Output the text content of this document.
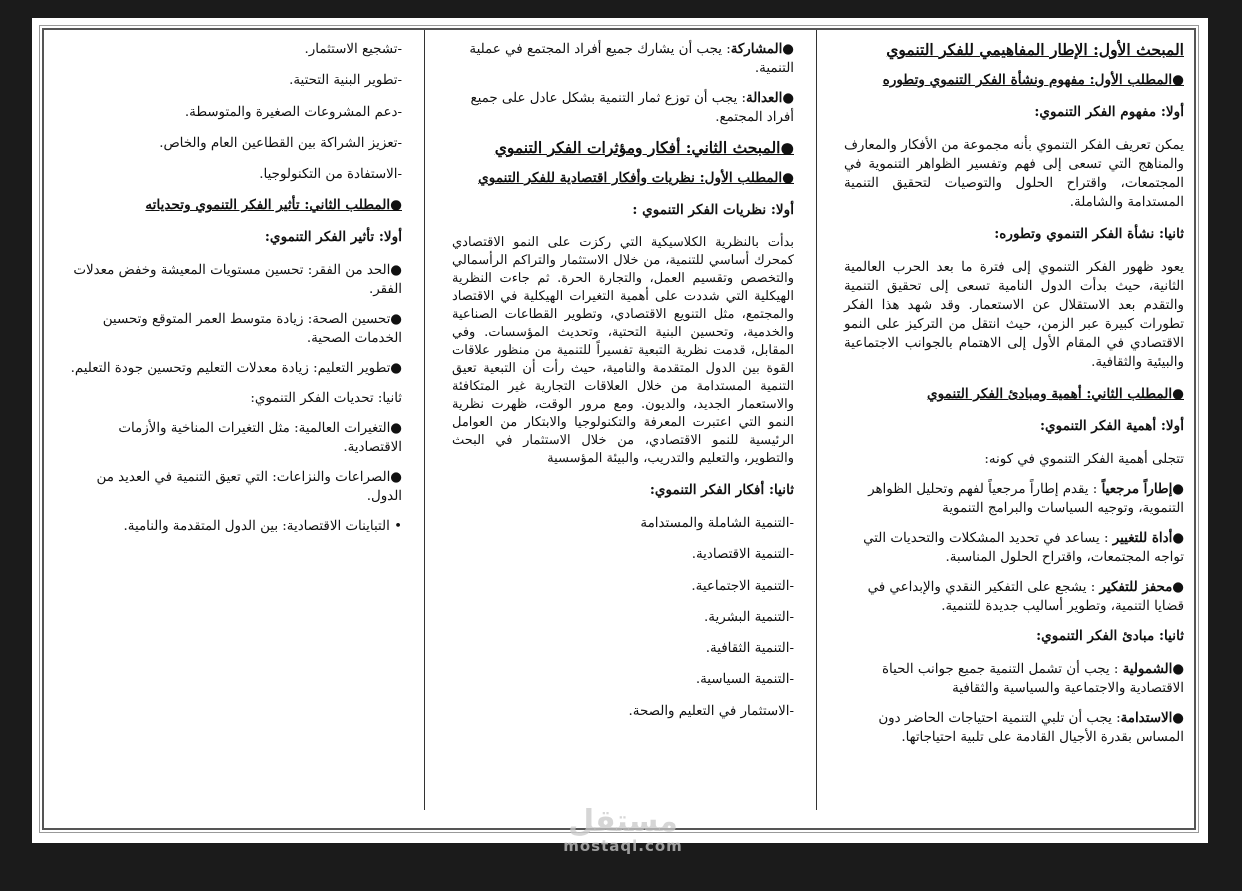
المبحث الأول: الإطار المفاهيمي للفكر التنموي

●المطلب الأول: مفهوم ونشأة الفكر التنموي وتطوره

أولا: مفهوم الفكر التنموي:

يمكن تعريف الفكر التنموي بأنه مجموعة من الأفكار والمعارف والمناهج التي تسعى إلى فهم وتفسير الظواهر التنموية في المجتمعات، واقتراح الحلول والتوصيات لتحقيق التنمية المستدامة والشاملة.

ثانيا: نشأة الفكر التنموي وتطوره:

يعود ظهور الفكر التنموي إلى فترة ما بعد الحرب العالمية الثانية، حيث بدأت الدول النامية تسعى إلى تحقيق التنمية والتقدم بعد الاستقلال عن الاستعمار. وقد شهد هذا الفكر تطورات كبيرة عبر الزمن، حيث انتقل من التركيز على النمو الاقتصادي في المقام الأول إلى الاهتمام بالجوانب الاجتماعية والبيئية والثقافية.

●المطلب الثاني: أهمية ومبادئ الفكر التنموي

أولا: أهمية الفكر التنموي:

تتجلى أهمية الفكر التنموي في كونه:

●إطاراً مرجعياً : يقدم إطاراً مرجعياً لفهم وتحليل الظواهر التنموية، وتوجيه السياسات والبرامج التنموية

●أداة للتغيير : يساعد في تحديد المشكلات والتحديات التي تواجه المجتمعات، واقتراح الحلول المناسبة.

●محفز للتفكير : يشجع على التفكير النقدي والإبداعي في قضايا التنمية، وتطوير أساليب جديدة للتنمية.

ثانيا: مبادئ الفكر التنموي:

●الشمولية : يجب أن تشمل التنمية جميع جوانب الحياة الاقتصادية والاجتماعية والسياسية والثقافية

●الاستدامة: يجب أن تلبي التنمية احتياجات الحاضر دون المساس بقدرة الأجيال القادمة على تلبية احتياجاتها.

●المشاركة: يجب أن يشارك جميع أفراد المجتمع في عملية التنمية.

●العدالة: يجب أن توزع ثمار التنمية بشكل عادل على جميع أفراد المجتمع.

●المبحث الثاني: أفكار ومؤثرات الفكر التنموي

●المطلب الأول: نظريات وأفكار اقتصادية للفكر التنموي

أولا: نظريات الفكر التنموي :

بدأت بالنظرية الكلاسيكية التي ركزت على النمو الاقتصادي كمحرك أساسي للتنمية، من خلال الاستثمار والتراكم الرأسمالي والتخصص وتقسيم العمل، والتجارة الحرة. ثم جاءت النظرية الهيكلية التي شددت على أهمية التغيرات الهيكلية في الاقتصاد والمجتمع، مثل التنويع الاقتصادي، وتطوير القطاعات الصناعية والخدمية، وتحسين البنية التحتية، وتحديث المؤسسات. وفي المقابل، قدمت نظرية التبعية تفسيراً للتنمية من منظور علاقات القوة بين الدول المتقدمة والنامية، حيث رأت أن التبعية تعيق التنمية المستدامة من خلال العلاقات التجارية غير المتكافئة والاستعمار الجديد، والديون. ومع مرور الوقت، ظهرت نظرية النمو التي اعتبرت المعرفة والتكنولوجيا والابتكار من العوامل الرئيسية للنمو الاقتصادي، من خلال الاستثمار في البحث والتطوير، والتعليم والتدريب، والبيئة المؤسسية

ثانيا: أفكار الفكر التنموي:

-التنمية الشاملة والمستدامة

-التنمية الاقتصادية.

-التنمية الاجتماعية.

-التنمية البشرية.

-التنمية الثقافية.

-التنمية السياسية.

-الاستثمار في التعليم والصحة.

-تشجيع الاستثمار.

-تطوير البنية التحتية.

-دعم المشروعات الصغيرة والمتوسطة.

-تعزيز الشراكة بين القطاعين العام والخاص.

-الاستفادة من التكنولوجيا.

●المطلب الثاني: تأثير الفكر التنموي وتحدياته

أولا: تأثير الفكر التنموي:

●الحد من الفقر: تحسين مستويات المعيشة وخفض معدلات الفقر.

●تحسين الصحة: زيادة متوسط العمر المتوقع وتحسين الخدمات الصحية.

●تطوير التعليم: زيادة معدلات التعليم وتحسين جودة التعليم.

ثانيا: تحديات الفكر التنموي:

●التغيرات العالمية: مثل التغيرات المناخية والأزمات الاقتصادية.

●الصراعات والنزاعات: التي تعيق التنمية في العديد من الدول.

• التباينات الاقتصادية: بين الدول المتقدمة والنامية.

مستقل
mostaql.com
